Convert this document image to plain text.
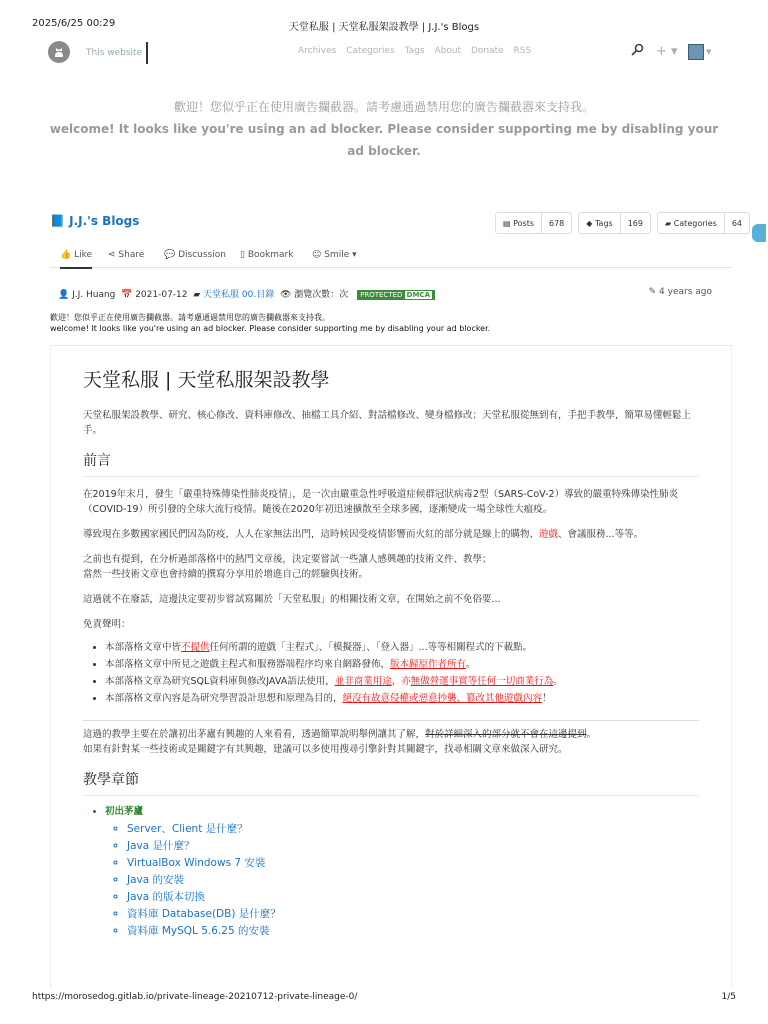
2025/6/25 00:29	天堂私服 | 天堂私服架設教學 | J.J.'s Blogs
This website	Archives Categories Tags About Donate RSS	+ ▾	▼
歡迎！您似乎正在使用廣告攔截器。請考慮通過禁用您的廣告攔截器來支持我。
welcome! It looks like you're using an ad blocker. Please consider supporting me by disabling your ad blocker.
📘 J.J.'s Blogs	▤ Posts	678	◆ Tags	169	▰ Categories	64
👍 Like ⋖ Share 💬 Discussion ▯ Bookmark ☺ Smile ▾
👤 J.J. Huang 📅 2021-07-12 ▰ 天堂私服 00.目錄 👁 瀏覽次數：次 PROTECTED DMCA	✎ 4 years ago
歡迎！您似乎正在使用廣告攔截器。請考慮通過禁用您的廣告攔截器來支持我。
welcome! It looks like you're using an ad blocker. Please consider supporting me by disabling your ad blocker.
天堂私服 | 天堂私服架設教學

天堂私服架設教學、研究、核心修改、資料庫修改、抽檔工具介紹、對話檔修改、變身檔修改；天堂私服從無到有，手把手教學，簡單易懂輕鬆上手。

前言

在2019年末月，發生「嚴重特殊傳染性肺炎疫情」，是一次由嚴重急性呼吸道症候群冠狀病毒2型（SARS-CoV-2）導致的嚴重特殊傳染性肺炎（COVID-19）所引發的全球大流行疫情。隨後在2020年初迅速擴散至全球多國，逐漸變成一場全球性大瘟疫。

導致現在多數國家國民們因為防疫，人人在家無法出門，這時候因受疫情影響而火紅的部分就是線上的購物、遊戲、會議服務...等等。

之前也有提到，在分析過部落格中的熱門文章後，決定要嘗試一些讓人感興趣的技術文件、教學；
當然一些技術文章也會持續的撰寫分享用於增進自己的經驗與技術。

這過就不在廢話，這邊決定要初步嘗試寫關於「天堂私服」的相關技術文章，在開始之前不免俗要...

免責聲明：

• 本部落格文章中皆不提供任何所謂的遊戲「主程式」、「模擬器」、「登入器」...等等相關程式的下載點。
• 本部落格文章中所見之遊戲主程式和服務器端程序均來自網路發佈，版本歸原作者所有。
• 本部落格文章為研究SQL資料庫與修改JAVA語法使用，並非商業用途，亦無做營運事實等任何一切商業行為。
• 本部落格文章內容是為研究學習設計思想和原理為目的，絕沒有故意侵權或惡意抄襲、篡改其他遊戲內容！
這過的教學主要在於讓初出茅廬有興趣的人來看看，透過簡單說明舉例讓其了解，對於詳細深入的部分就不會在這邊提到。
如果有針對某一些技術或是關鍵字有其興趣，建議可以多使用搜尋引擎針對其關鍵字，找尋相關文章來做深入研究。
教學章節
• 初出茅廬
◦ Server、Client 是什麼？
◦ Java 是什麼？
◦ VirtualBox Windows 7 安裝
◦ Java 的安裝
◦ Java 的版本切換
◦ 資料庫 Database(DB) 是什麼？
◦ 資料庫 MySQL 5.6.25 的安裝
https://morosedog.gitlab.io/private-lineage-20210712-private-lineage-0/	1/5
